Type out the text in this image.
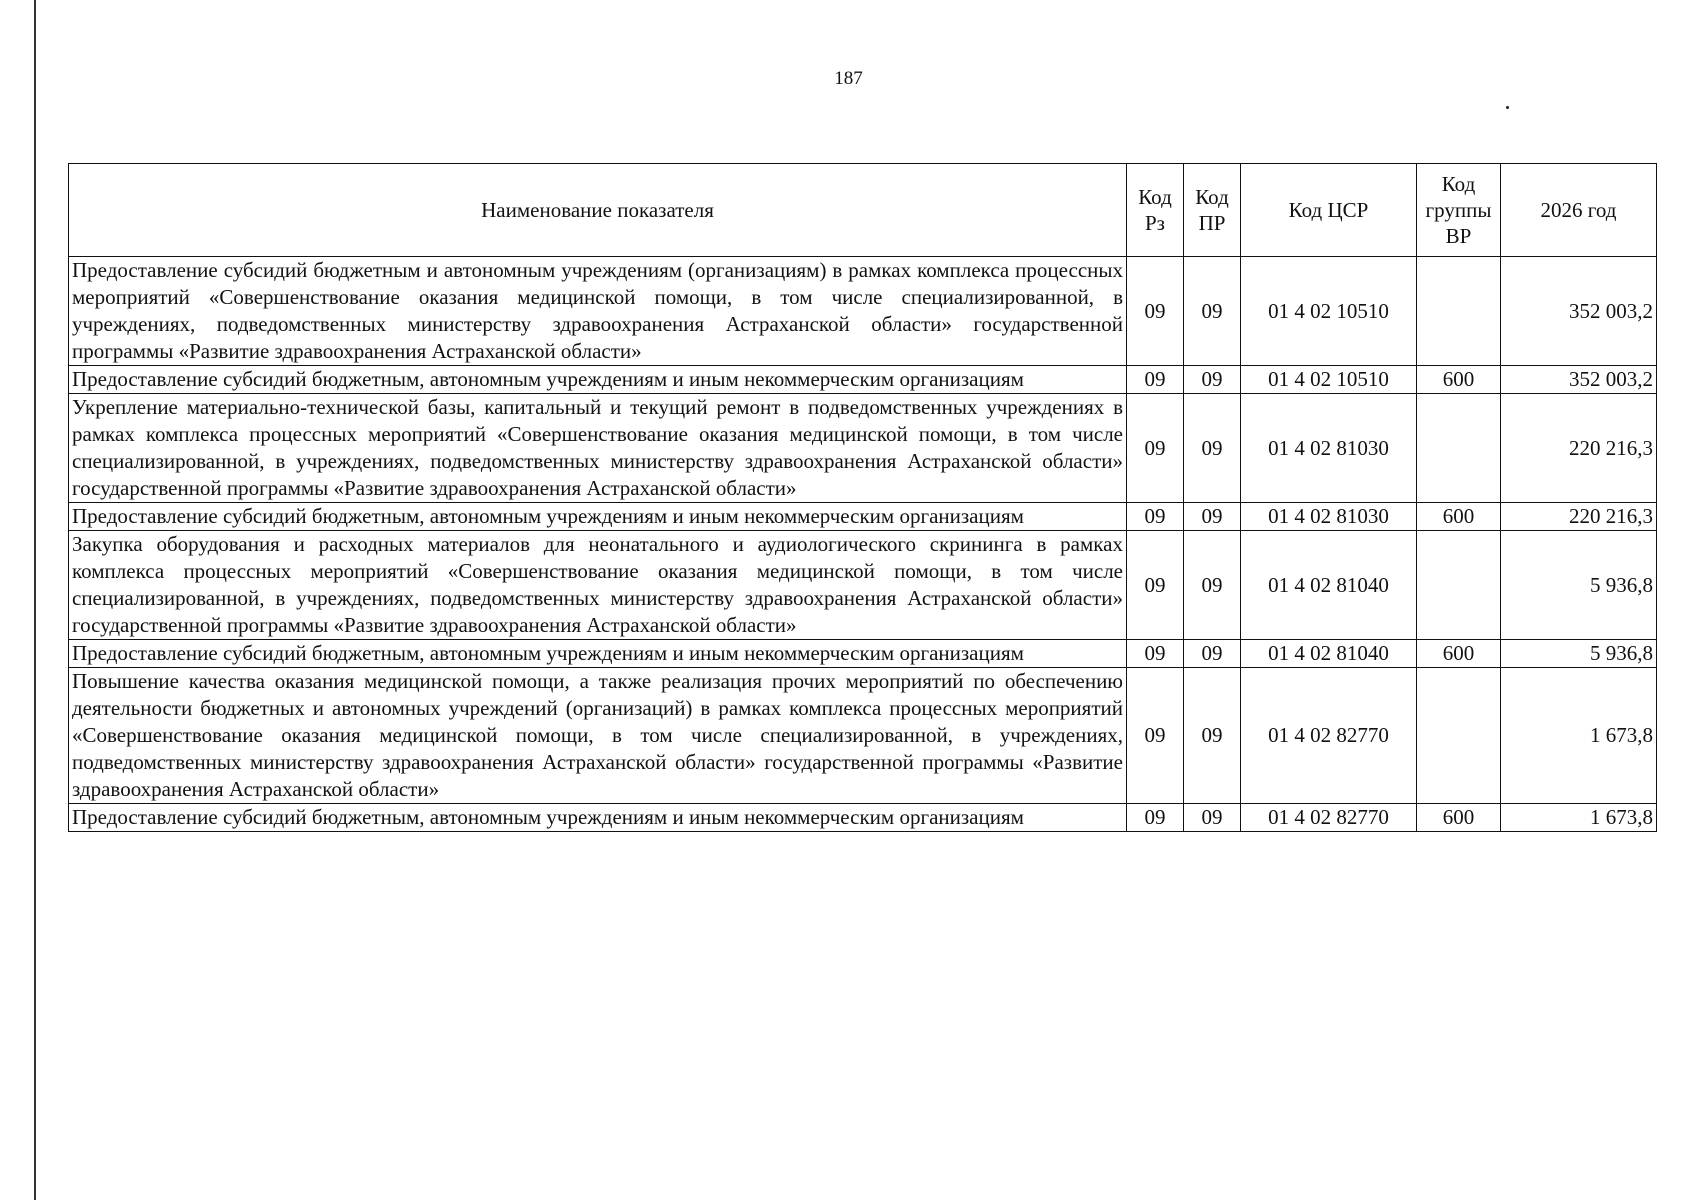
187
Наименование показателя	Код Рз	Код ПР	Код ЦСР	Код группы ВР	2026 год
Предоставление субсидий бюджетным и автономным учреждениям (организациям) в рамках комплекса процессных мероприятий «Совершенствование оказания медицинской помощи, в том числе специализированной, в учреждениях, подведомственных министерству здравоохранения Астраханской области» государственной программы «Развитие здравоохранения Астраханской области»	09	09	01 4 02 10510		352 003,2
Предоставление субсидий бюджетным, автономным учреждениям и иным некоммерческим организациям	09	09	01 4 02 10510	600	352 003,2
Укрепление материально-технической базы, капитальный и текущий ремонт в подведомственных учреждениях в рамках комплекса процессных мероприятий «Совершенствование оказания медицинской помощи, в том числе специализированной, в учреждениях, подведомственных министерству здравоохранения Астраханской области» государственной программы «Развитие здравоохранения Астраханской области»	09	09	01 4 02 81030		220 216,3
Предоставление субсидий бюджетным, автономным учреждениям и иным некоммерческим организациям	09	09	01 4 02 81030	600	220 216,3
Закупка оборудования и расходных материалов для неонатального и аудиологического скрининга в рамках комплекса процессных мероприятий «Совершенствование оказания медицинской помощи, в том числе специализированной, в учреждениях, подведомственных министерству здравоохранения Астраханской области» государственной программы «Развитие здравоохранения Астраханской области»	09	09	01 4 02 81040		5 936,8
Предоставление субсидий бюджетным, автономным учреждениям и иным некоммерческим организациям	09	09	01 4 02 81040	600	5 936,8
Повышение качества оказания медицинской помощи, а также реализация прочих мероприятий по обеспечению деятельности бюджетных и автономных учреждений (организаций) в рамках комплекса процессных мероприятий «Совершенствование оказания медицинской помощи, в том числе специализированной, в учреждениях, подведомственных министерству здравоохранения Астраханской области» государственной программы «Развитие здравоохранения Астраханской области»	09	09	01 4 02 82770		1 673,8
Предоставление субсидий бюджетным, автономным учреждениям и иным некоммерческим организациям	09	09	01 4 02 82770	600	1 673,8
